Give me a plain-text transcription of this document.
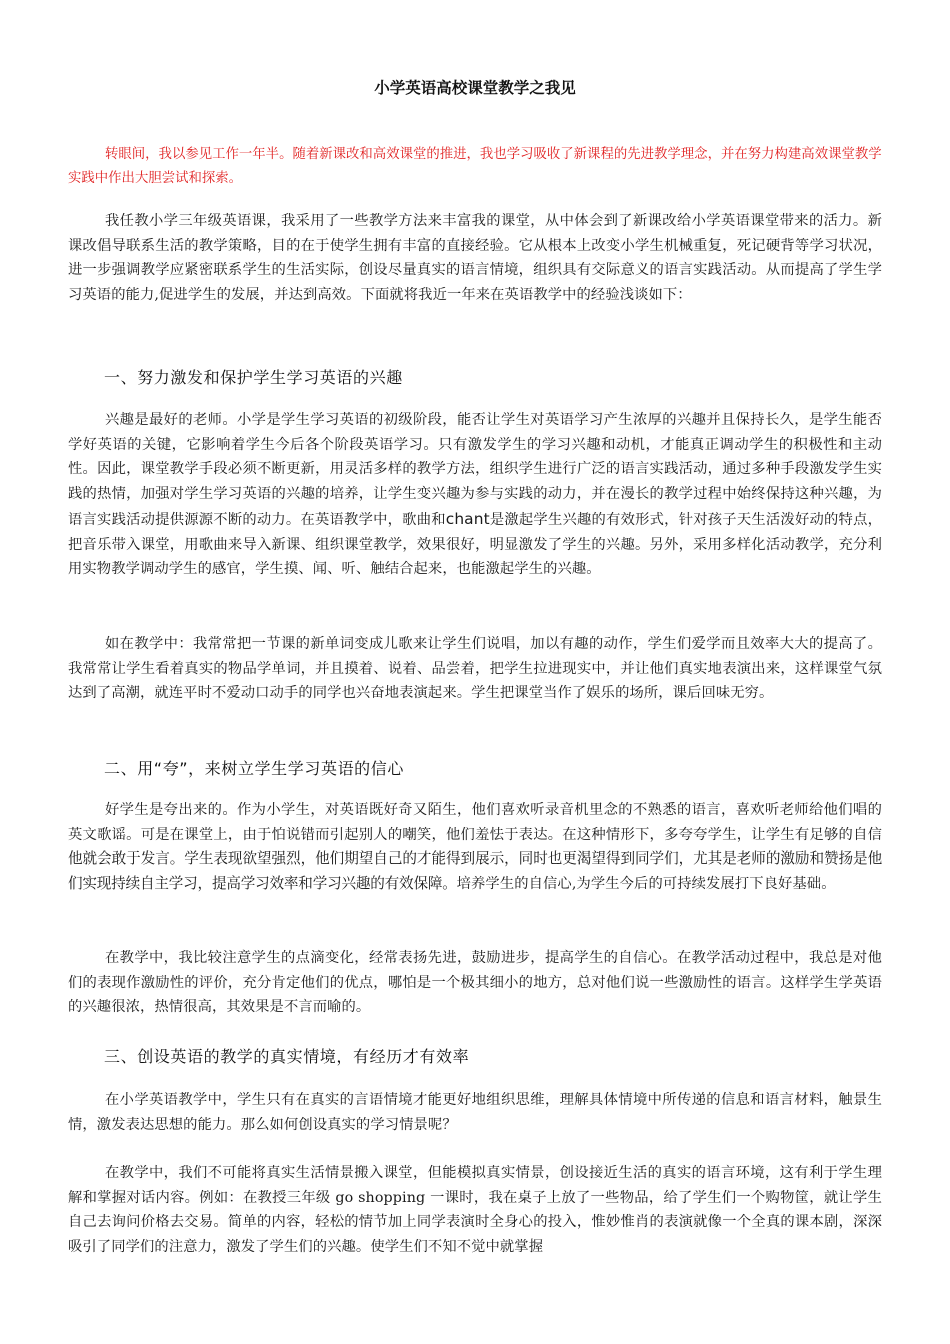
小学英语高校课堂教学之我见
转眼间，我以参见工作一年半。随着新课改和高效课堂的推进，我也学习吸收了新课程的先进教学理念，并在努力构建高效课堂教学实践中作出大胆尝试和探索。
我任教小学三年级英语课，我采用了一些教学方法来丰富我的课堂，从中体会到了新课改给小学英语课堂带来的活力。新课改倡导联系生活的教学策略，目的在于使学生拥有丰富的直接经验。它从根本上改变小学生机械重复，死记硬背等学习状况，进一步强调教学应紧密联系学生的生活实际，创设尽量真实的语言情境，组织具有交际意义的语言实践活动。从而提高了学生学习英语的能力,促进学生的发展，并达到高效。下面就将我近一年来在英语教学中的经验浅谈如下：
一、努力激发和保护学生学习英语的兴趣
兴趣是最好的老师。小学是学生学习英语的初级阶段，能否让学生对英语学习产生浓厚的兴趣并且保持长久，是学生能否学好英语的关键，它影响着学生今后各个阶段英语学习。只有激发学生的学习兴趣和动机，才能真正调动学生的积极性和主动性。因此，课堂教学手段必须不断更新，用灵活多样的教学方法，组织学生进行广泛的语言实践活动，通过多种手段激发学生实践的热情，加强对学生学习英语的兴趣的培养，让学生变兴趣为参与实践的动力，并在漫长的教学过程中始终保持这种兴趣，为语言实践活动提供源源不断的动力。在英语教学中，歌曲和chant是激起学生兴趣的有效形式，针对孩子天生活泼好动的特点，把音乐带入课堂，用歌曲来导入新课、组织课堂教学，效果很好，明显激发了学生的兴趣。另外，采用多样化活动教学，充分利用实物教学调动学生的感官，学生摸、闻、听、触结合起来，也能激起学生的兴趣。
如在教学中：我常常把一节课的新单词变成儿歌来让学生们说唱，加以有趣的动作，学生们爱学而且效率大大的提高了。我常常让学生看着真实的物品学单词，并且摸着、说着、品尝着，把学生拉进现实中，并让他们真实地表演出来，这样课堂气氛达到了高潮，就连平时不爱动口动手的同学也兴奋地表演起来。学生把课堂当作了娱乐的场所，课后回味无穷。
二、用“夸”，来树立学生学习英语的信心
好学生是夸出来的。作为小学生，对英语既好奇又陌生，他们喜欢听录音机里念的不熟悉的语言，喜欢听老师给他们唱的英文歌谣。可是在课堂上，由于怕说错而引起别人的嘲笑，他们羞怯于表达。在这种情形下，多夸夸学生，让学生有足够的自信他就会敢于发言。学生表现欲望强烈，他们期望自己的才能得到展示，同时也更渴望得到同学们，尤其是老师的激励和赞扬是他们实现持续自主学习，提高学习效率和学习兴趣的有效保障。培养学生的自信心,为学生今后的可持续发展打下良好基础。
在教学中，我比较注意学生的点滴变化，经常表扬先进，鼓励进步，提高学生的自信心。在教学活动过程中，我总是对他们的表现作激励性的评价，充分肯定他们的优点，哪怕是一个极其细小的地方，总对他们说一些激励性的语言。这样学生学英语的兴趣很浓，热情很高，其效果是不言而喻的。
三、创设英语的教学的真实情境，有经历才有效率
在小学英语教学中，学生只有在真实的言语情境才能更好地组织思维，理解具体情境中所传递的信息和语言材料，触景生情，激发表达思想的能力。那么如何创设真实的学习情景呢？
在教学中，我们不可能将真实生活情景搬入课堂，但能模拟真实情景，创设接近生活的真实的语言环境，这有利于学生理解和掌握对话内容。例如：在教授三年级 go shopping 一课时，我在桌子上放了一些物品，给了学生们一个购物筐，就让学生自己去询问价格去交易。简单的内容，轻松的情节加上同学表演时全身心的投入，惟妙惟肖的表演就像一个全真的课本剧，深深吸引了同学们的注意力，激发了学生们的兴趣。使学生们不知不觉中就掌握
